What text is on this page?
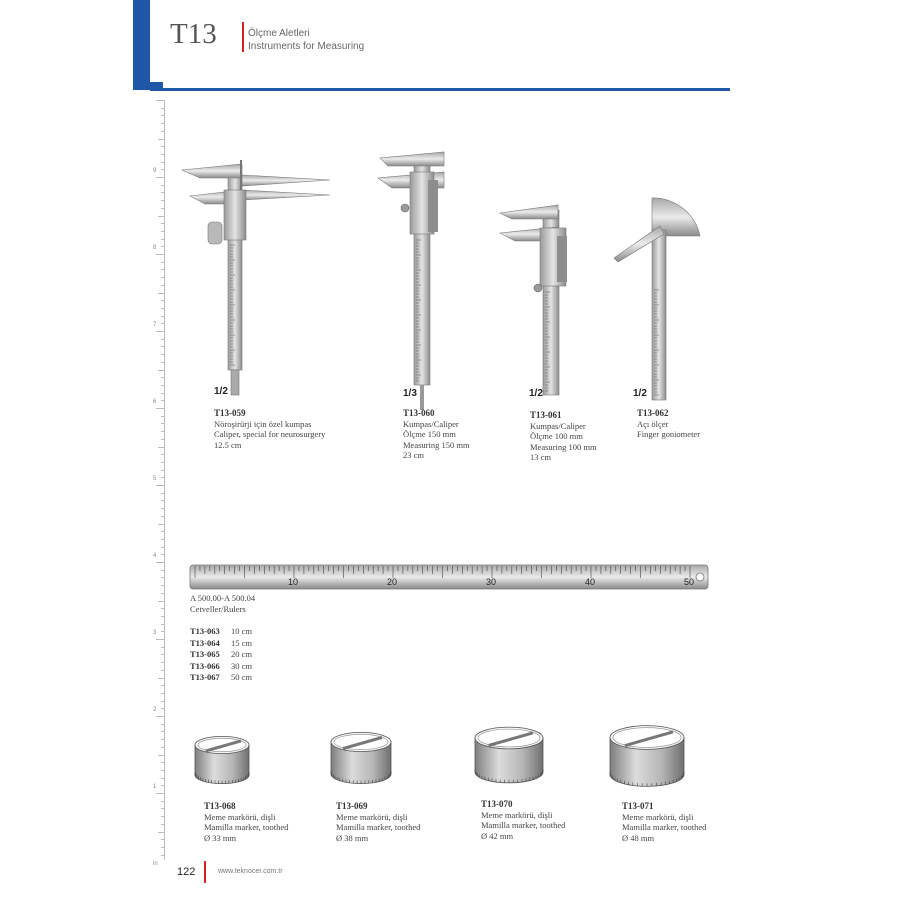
T13	Ölçme Aletleri
Instruments for Measuring
9
8
7
6
5
4
3
2
1
in
10	20	30	40	50
1/2	1/3	1/2	1/2
T13-059
Nöroşirürji için özel kumpas
Caliper, special for neurosurgery
12.5 cm
T13-060
Kumpas/Caliper
Ölçme 150 mm
Measuring 150 mm
23 cm
T13-061
Kumpas/Caliper
Ölçme 100 mm
Measuring 100 mm
13 cm
T13-062
Açı ölçer
Finger goniometer
A 500.00-A 500.04
Cetveller/Rulers
T13-063 10 cm
T13-064 15 cm
T13-065 20 cm
T13-066 30 cm
T13-067 50 cm
T13-068
Meme markörü, dişli
Mamilla marker, toothed
Ø 33 mm
T13-069
Meme markörü, dişli
Mamilla marker, toothed
Ø 38 mm
T13-070
Meme markörü, dişli
Mamilla marker, toothed
Ø 42 mm
T13-071
Meme markörü, dişli
Mamilla marker, toothed
Ø 48 mm
122	www.teknocer.com.tr
